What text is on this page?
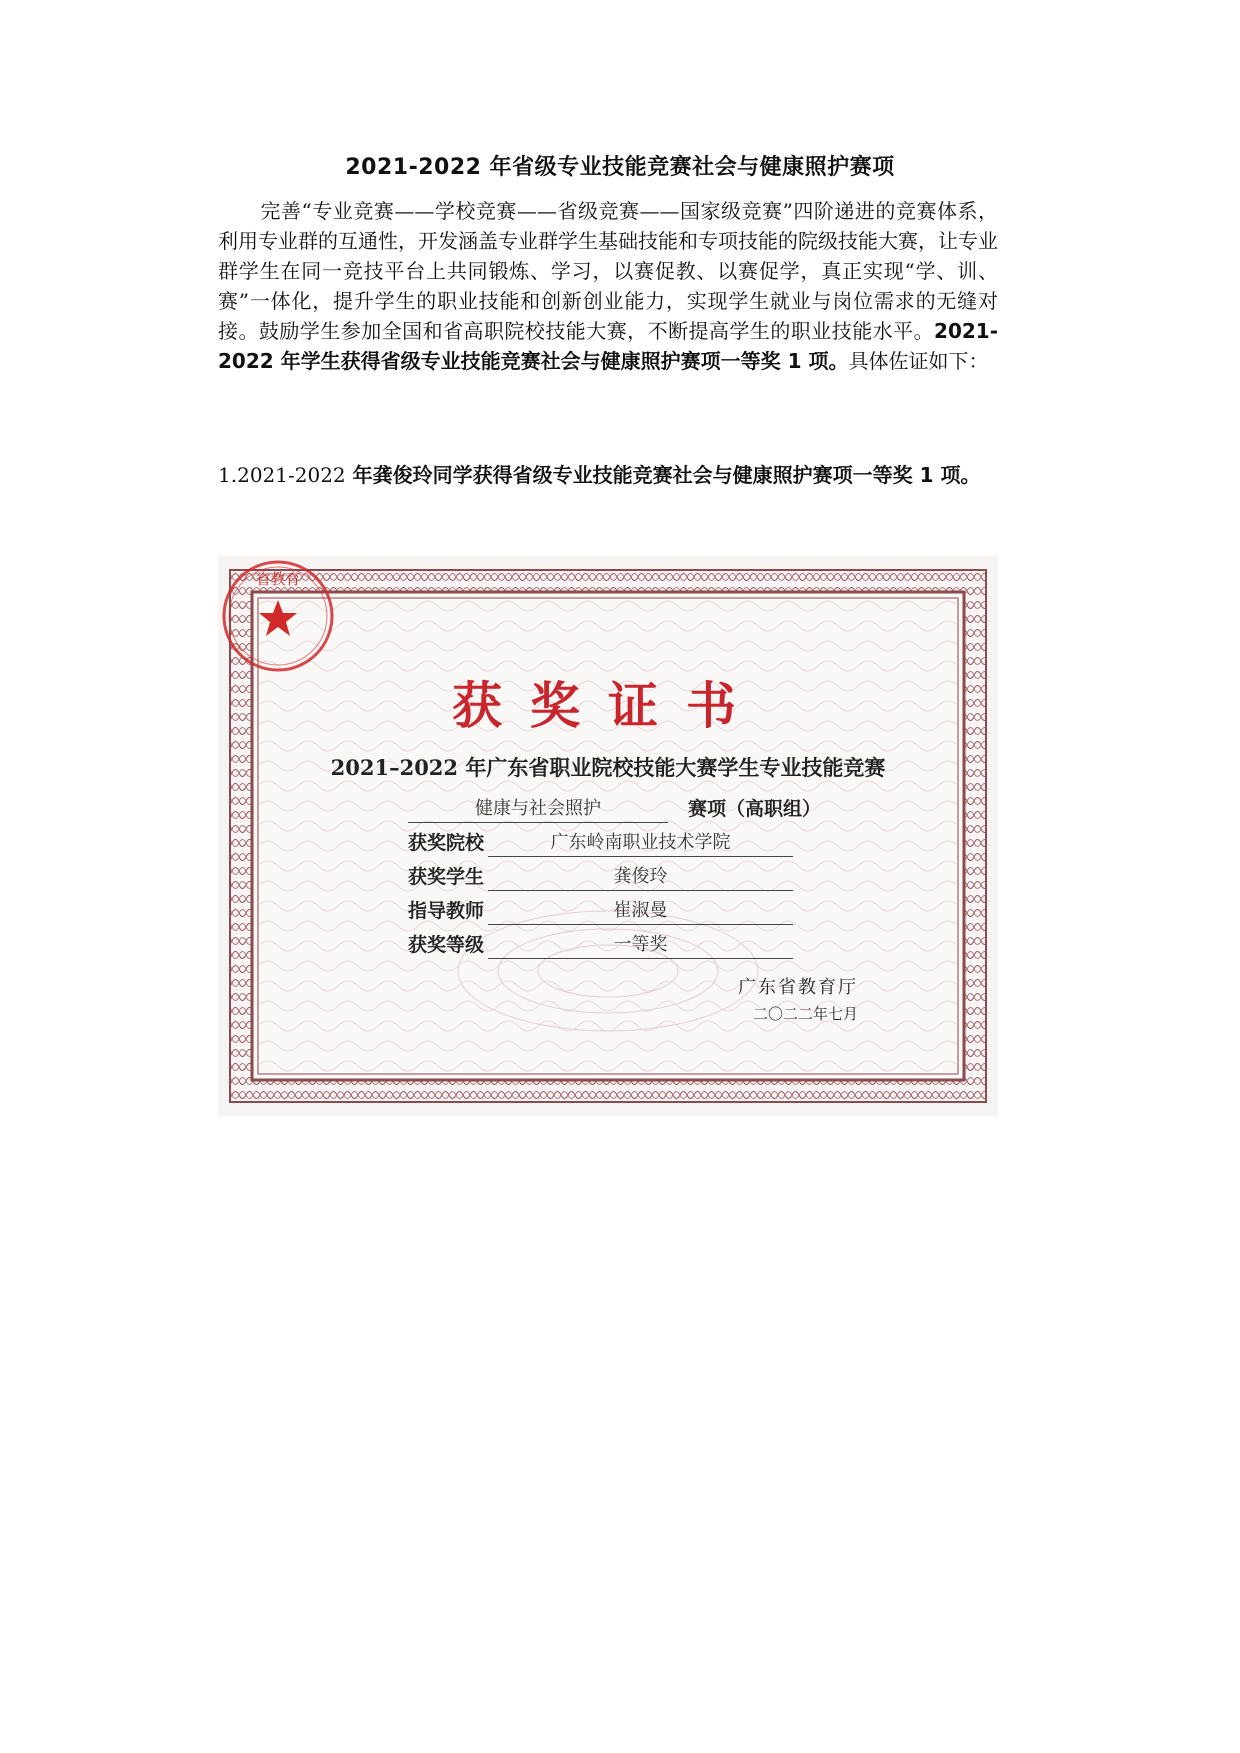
2021-2022 年省级专业技能竞赛社会与健康照护赛项
完善“专业竞赛——学校竞赛——省级竞赛——国家级竞赛”四阶递进的竞赛体系，利用专业群的互通性，开发涵盖专业群学生基础技能和专项技能的院级技能大赛，让专业群学生在同一竞技平台上共同锻炼、学习，以赛促教、以赛促学，真正实现“学、训、赛”一体化，提升学生的职业技能和创新创业能力，实现学生就业与岗位需求的无缝对接。鼓励学生参加全国和省高职院校技能大赛，不断提高学生的职业技能水平。2021-2022 年学生获得省级专业技能竞赛社会与健康照护赛项一等奖 1 项。具体佐证如下：
1.2021-2022 年龚俊玲同学获得省级专业技能竞赛社会与健康照护赛项一等奖 1 项。
获奖证书
2021–2022 年广东省职业院校技能大赛学生专业技能竞赛
健康与社会照护	赛项（高职组）
获奖院校	广东岭南职业技术学院
获奖学生	龚俊玲
指导教师	崔淑曼
获奖等级	一等奖
省教育
广东省教育厅
二〇二二年七月
